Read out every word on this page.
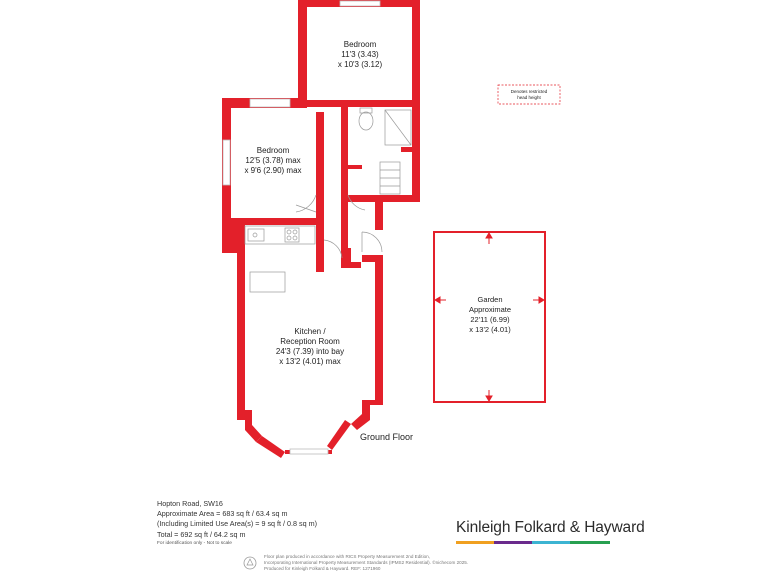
Denotes restricted
head height
Garden
Approximate
22'11 (6.99)
x 13'2 (4.01)
Bedroom
11'3 (3.43)
x 10'3 (3.12)
Bedroom
12'5 (3.78) max
x 9'6 (2.90) max
Kitchen /
Reception Room
24'3 (7.39) into bay
x 13'2 (4.01) max
Ground Floor
Hopton Road, SW16
Approximate Area = 683 sq ft / 63.4 sq m
(Including Limited Use Area(s) = 9 sq ft / 0.8 sq m)
Total = 692 sq ft / 64.2 sq m
For identification only - Not to scale
Kinleigh Folkard & Hayward
Floor plan produced in accordance with RICS Property Measurement 2nd Edition,
Incorporating International Property Measurement Standards (IPMS2 Residential). ©nichecom 2025.
Produced for Kinleigh Folkard & Hayward. REF: 1271960
